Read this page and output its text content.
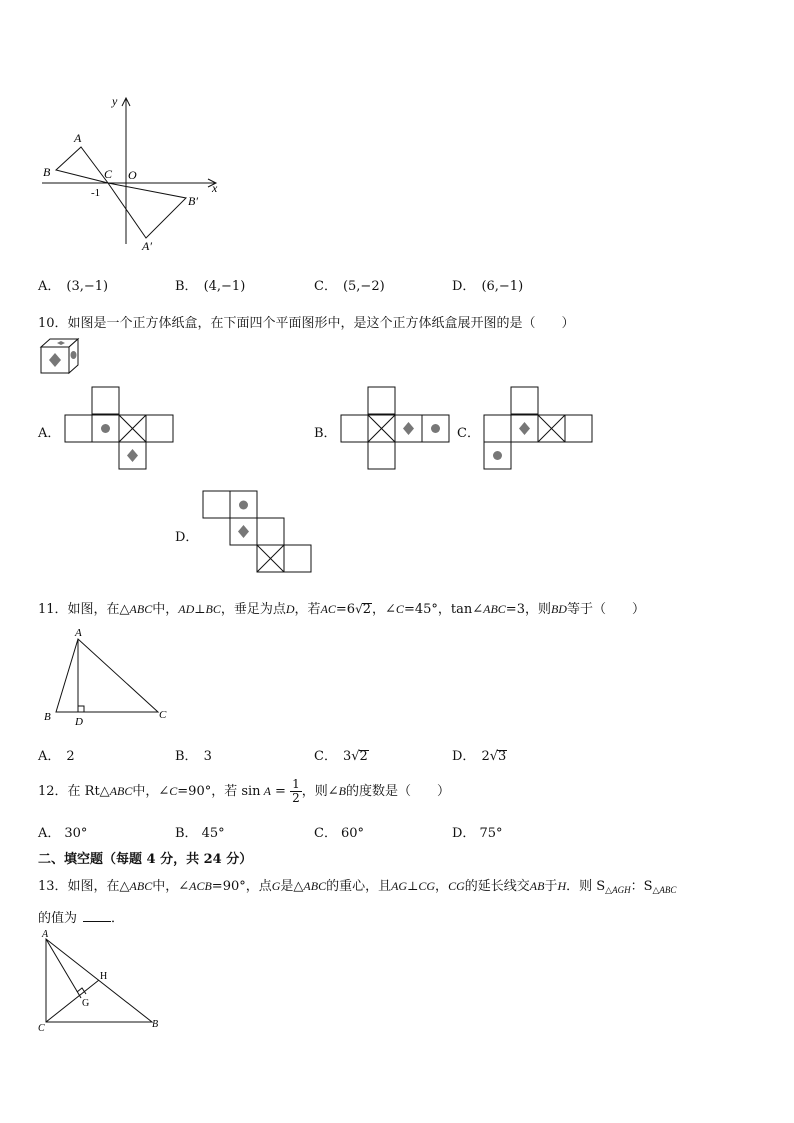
y
x
A
B	C O
-1
B′
A′
A． (3,−1)	B． (4,−1)	C． (5,−2)	D． (6,−1)
10．如图是一个正方体纸盒，在下面四个平面图形中，是这个正方体纸盒展开图的是（　　）
A．	B．	C．
D．
11．如图，在△ABC中，AD⊥BC，垂足为点D，若AC=6√2，∠C=45°，tan∠ABC=3，则BD等于（　　）
A
B	C
D
A． 2	B． 3	C． 3√2	D． 2√3
12．在 Rt△ABC中，∠C=90°，若 $\sin A = \frac{1}{2}$ ，则∠B的度数是（　　）
A． 30°	B． 45°	C． 60°	D． 75°
二、填空题（每题 4 分，共 24 分）
13．如图，在△ABC中，∠ACB=90°，点G是△ABC的重心，且AG⊥CG，CG的延长线交AB于H．则 $S_{\triangle AGH}$：$S_{\triangle ABC}$
的值为	．
A
H
G
C	B
